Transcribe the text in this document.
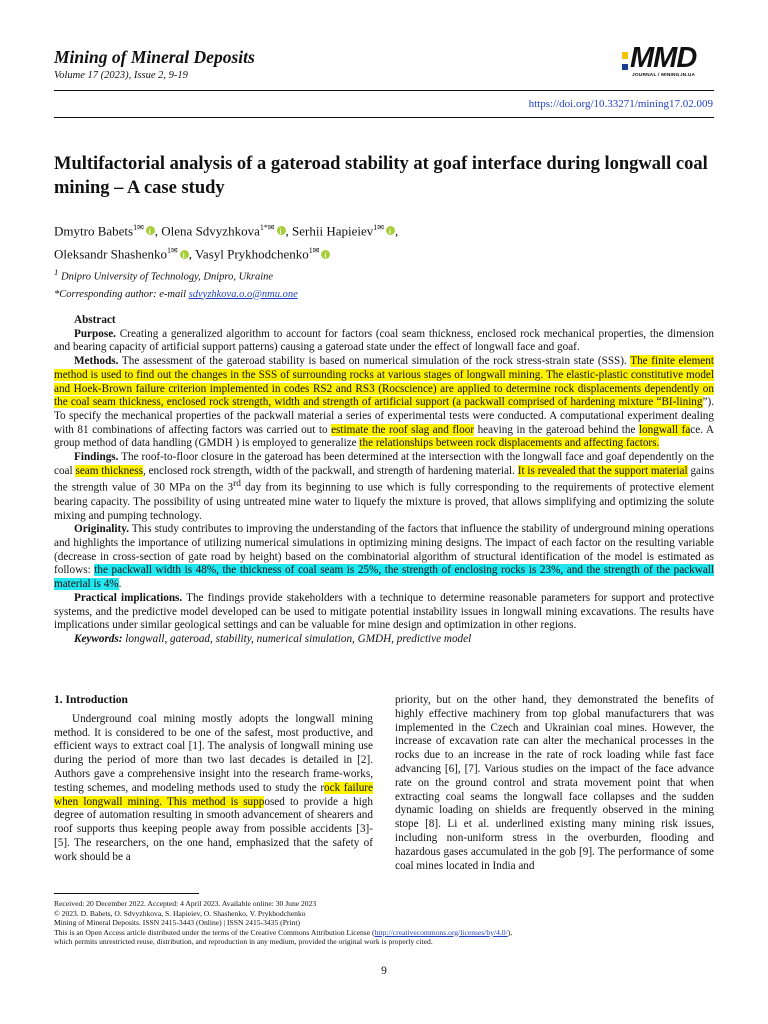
Mining of Mineral Deposits
Volume 17 (2023), Issue 2, 9-19
MMD
JOURNAL / MINING.IN.UA
https://doi.org/10.33271/mining17.02.009
Multifactorial analysis of a gateroad stability at goaf interface during longwall coal mining – A case study
Dmytro Babets$^{1✉}$ i , Olena Sdvyzhkova$^{1*✉}$ i , Serhii Hapieiev$^{1✉}$ i ,
Oleksandr Shashenko$^{1✉}$ i , Vasyl Prykhodchenko$^{1✉}$i
$^1$ Dnipro University of Technology, Dnipro, Ukraine
*Corresponding author: e-mail sdvyzhkova.o.o@nmu.one

Abstract

Purpose. Creating a generalized algorithm to account for factors (coal seam thickness, enclosed rock mechanical properties, the dimension and bearing capacity of artificial support patterns) causing a gateroad state under the effect of longwall face and goaf.

Methods. The assessment of the gateroad stability is based on numerical simulation of the rock stress-strain state (SSS). The finite element method is used to find out the changes in the SSS of surrounding rocks at various stages of longwall mining. The elastic-plastic constitutive model and Hoek-Brown failure criterion implemented in codes RS2 and RS3 (Rocscience) are applied to determine rock displacements dependently on the coal seam thickness, enclosed rock strength, width and strength of artificial support (a packwall comprised of hardening mixture “BI-lining”). To specify the mechanical properties of the packwall material a series of experimental tests were conducted. A computational experiment dealing with 81 combinations of affecting factors was carried out to estimate the roof slag and floor heaving in the gateroad behind the longwall face. A group method of data handling (GMDH ) is employed to generalize the relationships between rock displacements and affecting factors.

Findings. The roof-to-floor closure in the gateroad has been determined at the intersection with the longwall face and goaf dependently on the coal seam thickness, enclosed rock strength, width of the packwall, and strength of hardening material. It is revealed that the support material gains the strength value of 30 MPa on the 3rd day from its beginning to use which is fully corresponding to the requirements of protective element bearing capacity. The possibility of using untreated mine water to liquefy the mixture is proved, that allows simplifying and optimizing the solute mixing and pumping technology.

Originality. This study contributes to improving the understanding of the factors that influence the stability of underground mining operations and highlights the importance of utilizing numerical simulations in optimizing mining designs. The impact of each factor on the resulting variable (decrease in cross-section of gate road by height) based on the combinatorial algorithm of structural identification of the model is estimated as follows: the packwall width is 48%, the thickness of coal seam is 25%, the strength of enclosing rocks is 23%, and the strength of the packwall material is 4%.

Practical implications. The findings provide stakeholders with a technique to determine reasonable parameters for support and protective systems, and the predictive model developed can be used to mitigate potential instability issues in longwall mining excavations. The results have implications under similar geological settings and can be valuable for mine design and optimization in other regions.

Keywords: longwall, gateroad, stability, numerical simulation, GMDH, predictive model

1. Introduction

Underground coal mining mostly adopts the longwall mining method. It is considered to be one of the safest, most productive, and efficient ways to extract coal [1]. The analysis of longwall mining use during the period of more than two last decades is detailed in [2]. Authors gave a comprehensive insight into the research frame-works, testing schemes, and modeling methods used to study the rock failure when longwall mining. This method is supposed to provide a high degree of automation resulting in smooth advancement of shearers and roof supports thus keeping people away from possible accidents [3]-[5]. The researchers, on the one hand, emphasized that the safety of work should be a

priority, but on the other hand, they demonstrated the benefits of highly effective machinery from top global manufacturers that was implemented in the Czech and Ukrainian coal mines. However, the increase of excavation rate can alter the mechanical processes in the rocks due to an increase in the rate of rock loading while fast face advancing [6], [7]. Various studies on the impact of the face advance rate on the ground control and strata movement point that when extracting coal seams the longwall face collapses and the sudden dynamic loading on shields are frequently observed in the mining stope [8]. Li et al. underlined existing many mining risk issues, including non-uniform stress in the overburden, flooding and hazardous gases accumulated in the gob [9]. The performance of some coal mines located in India and

Received: 20 December 2022. Accepted: 4 April 2023. Available online: 30 June 2023
© 2023. D. Babets, O. Sdvyzhkova, S. Hapieiev, O. Shashenko, V. Prykhodchenko
Mining of Mineral Deposits. ISSN 2415-3443 (Online) | ISSN 2415-3435 (Print)
This is an Open Access article distributed under the terms of the Creative Commons Attribution License (http://creativecommons.org/licenses/by/4.0/),
which permits unrestricted reuse, distribution, and reproduction in any medium, provided the original work is properly cited.
9
